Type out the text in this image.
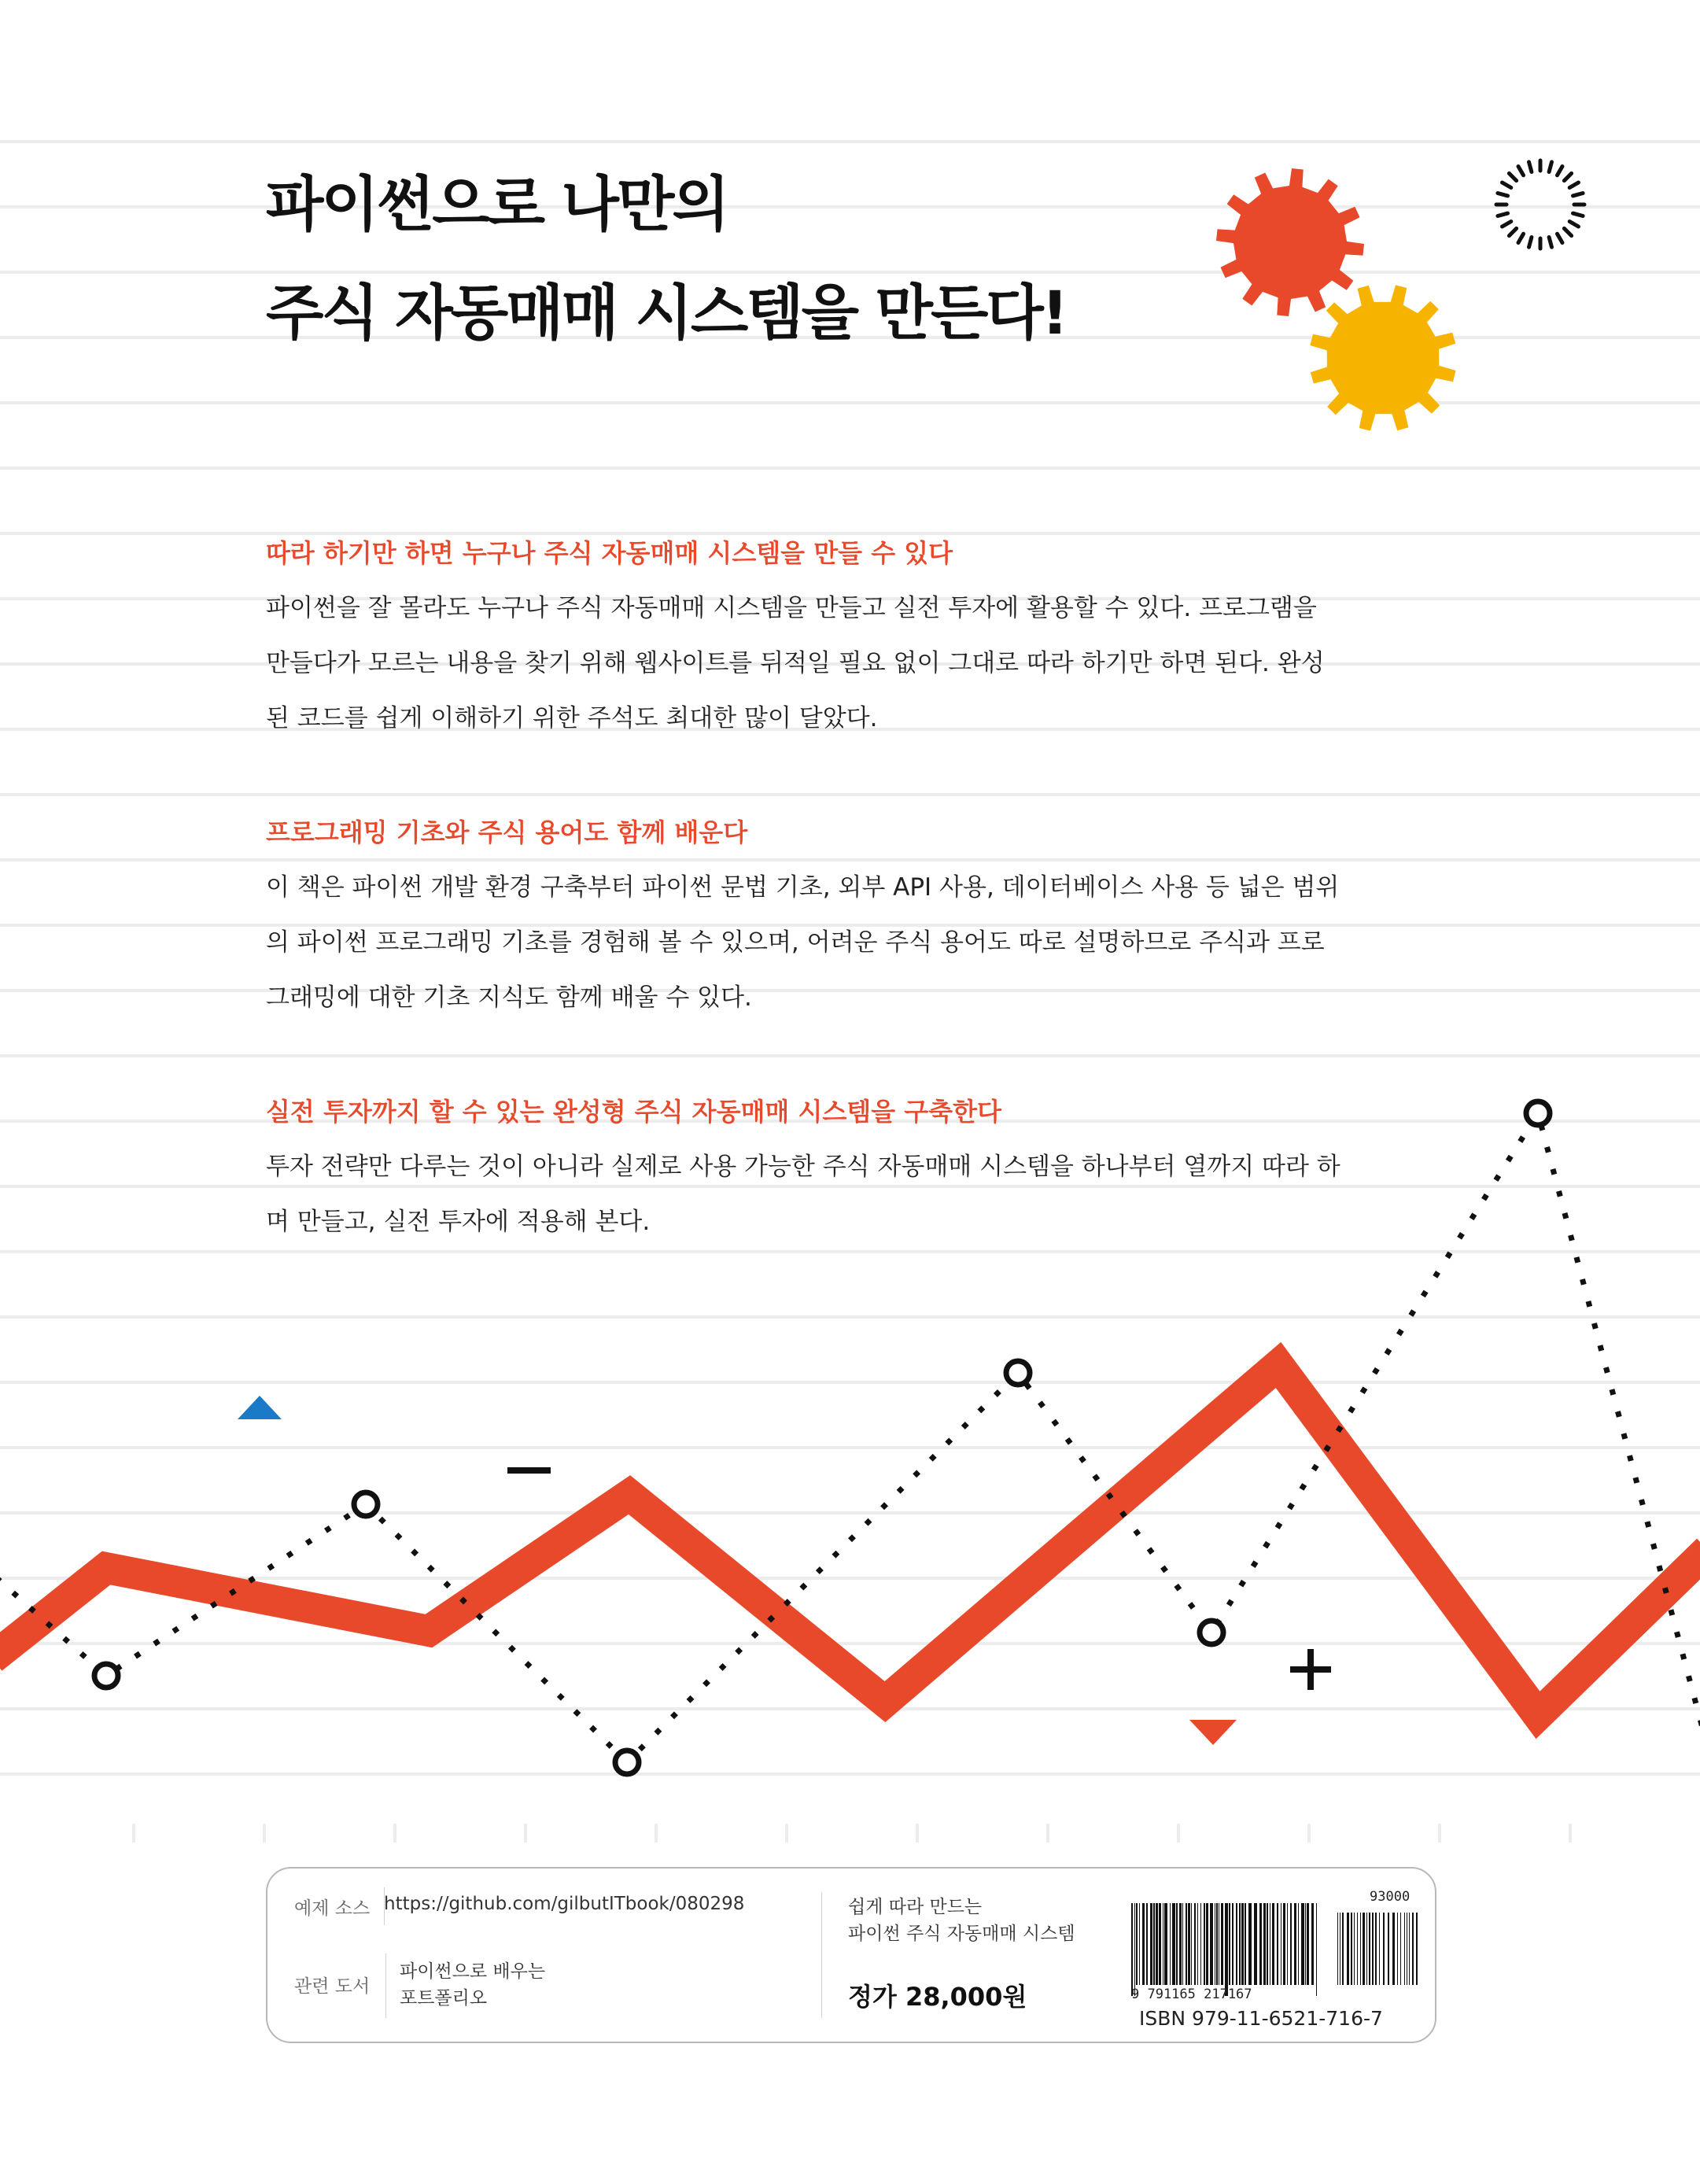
파이썬으로 나만의
주식 자동매매 시스템을 만든다!
따라 하기만 하면 누구나 주식 자동매매 시스템을 만들 수 있다
파이썬을 잘 몰라도 누구나 주식 자동매매 시스템을 만들고 실전 투자에 활용할 수 있다. 프로그램을
만들다가 모르는 내용을 찾기 위해 웹사이트를 뒤적일 필요 없이 그대로 따라 하기만 하면 된다. 완성
된 코드를 쉽게 이해하기 위한 주석도 최대한 많이 달았다.
프로그래밍 기초와 주식 용어도 함께 배운다
이 책은 파이썬 개발 환경 구축부터 파이썬 문법 기초, 외부 API 사용, 데이터베이스 사용 등 넓은 범위
의 파이썬 프로그래밍 기초를 경험해 볼 수 있으며, 어려운 주식 용어도 따로 설명하므로 주식과 프로
그래밍에 대한 기초 지식도 함께 배울 수 있다.
실전 투자까지 할 수 있는 완성형 주식 자동매매 시스템을 구축한다
투자 전략만 다루는 것이 아니라 실제로 사용 가능한 주식 자동매매 시스템을 하나부터 열까지 따라 하
며 만들고, 실전 투자에 적용해 본다.
예제 소스 https://github.com/gilbutITbook/080298
관련 도서
파이썬으로 배우는
포트폴리오
쉽게 따라 만드는
파이썬 주식 자동매매 시스템
정가 28,000원
93000
9 791165 217167
ISBN 979-11-6521-716-7
